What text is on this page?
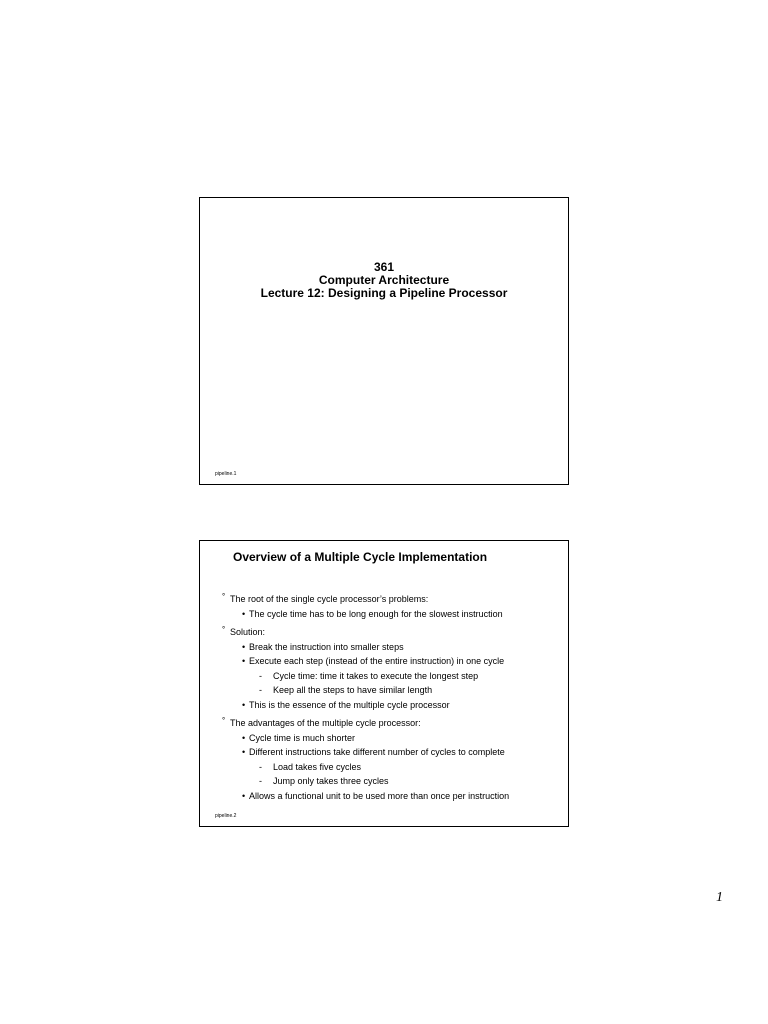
361
Computer Architecture
Lecture 12: Designing a Pipeline Processor
pipeline.1
Overview of a Multiple Cycle Implementation
° The root of the single cycle processor’s problems:
• The cycle time has to be long enough for the slowest instruction
° Solution:
• Break the instruction into smaller steps
• Execute each step (instead of the entire instruction) in one cycle
- Cycle time: time it takes to execute the longest step
- Keep all the steps to have similar length
• This is the essence of the multiple cycle processor
° The advantages of the multiple cycle processor:
• Cycle time is much shorter
• Different instructions take different number of cycles to complete
- Load takes five cycles
- Jump only takes three cycles
• Allows a functional unit to be used more than once per instruction
pipeline.2
1
